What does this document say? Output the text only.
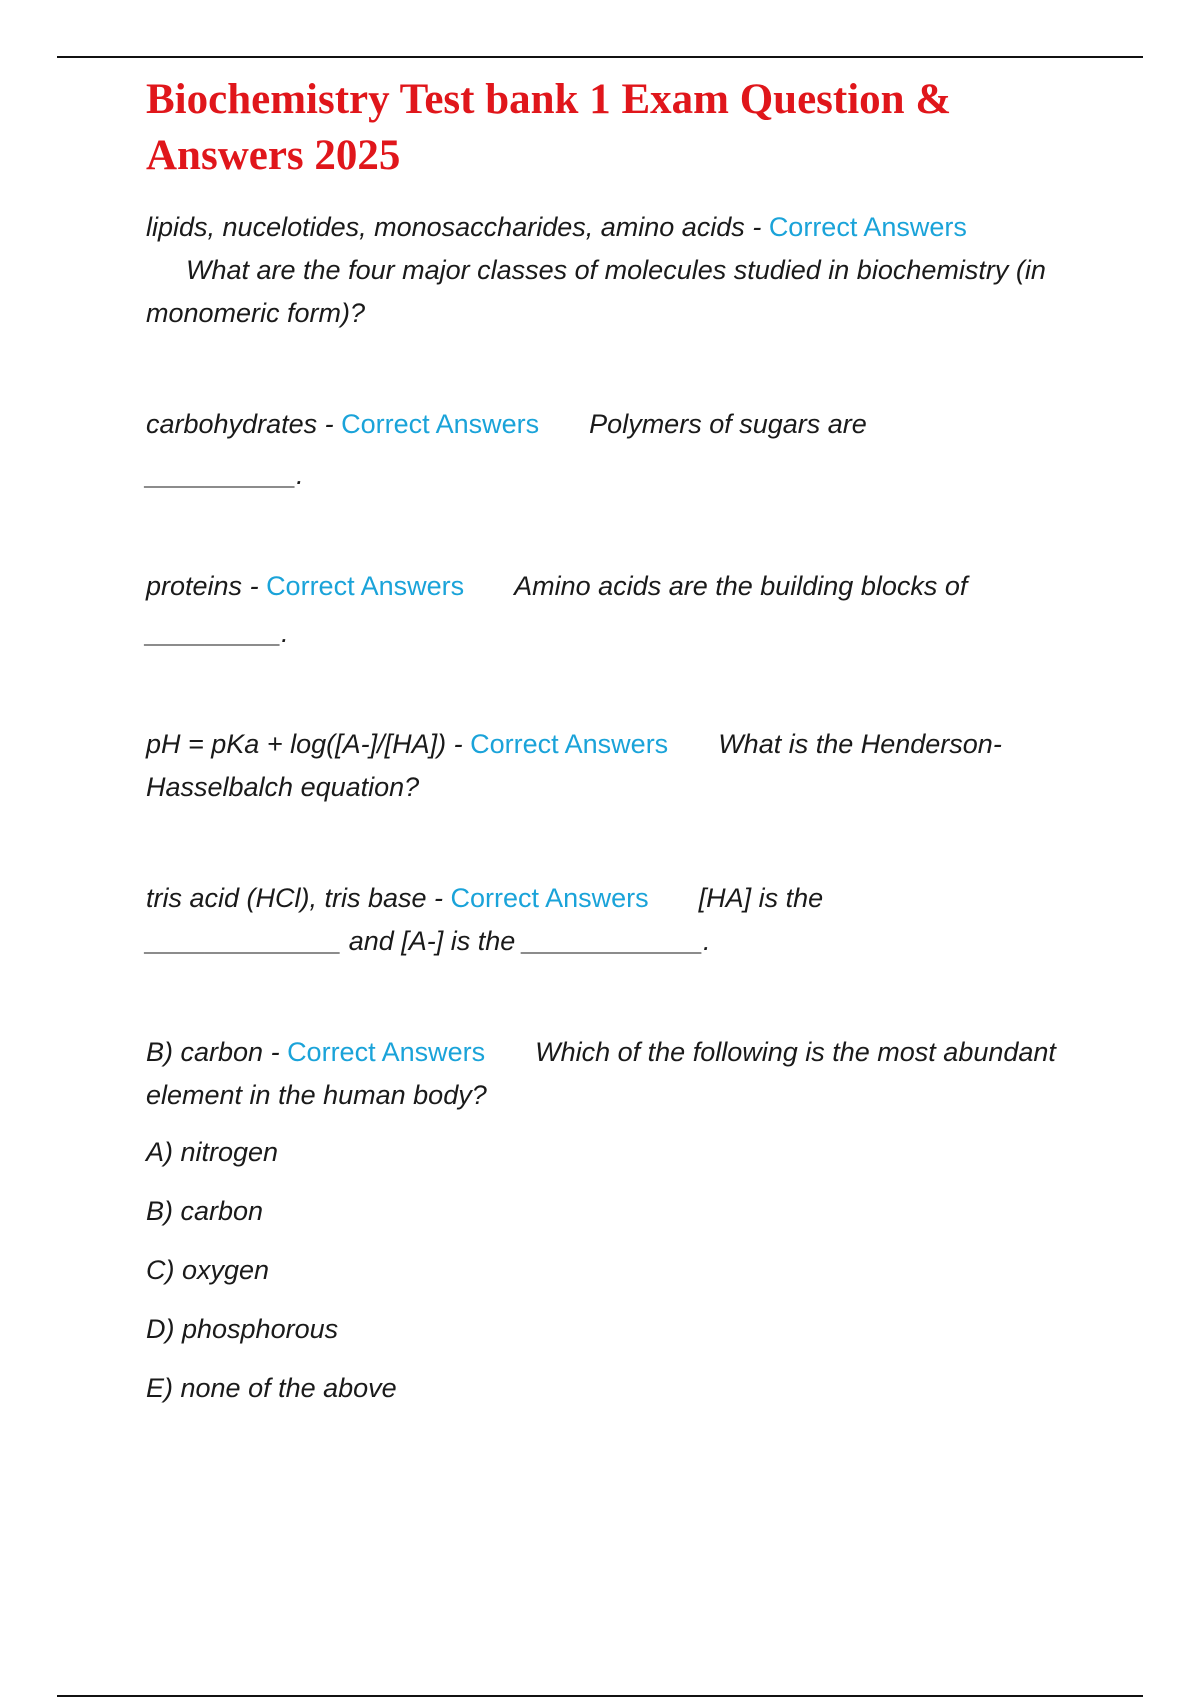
Biochemistry Test bank 1 Exam Question & Answers 2025

lipids, nucelotides, monosaccharides, amino acids - Correct Answers
What are the four major classes of molecules studied in biochemistry (in monomeric form)?

carbohydrates - Correct Answers Polymers of sugars are
__________.

proteins - Correct Answers Amino acids are the building blocks of
_________.

pH = pKa + log([A-]/[HA]) - Correct Answers What is the Henderson-Hasselbalch equation?

tris acid (HCl), tris base - Correct Answers [HA] is the
_____________ and [A-] is the ____________.

B) carbon - Correct Answers Which of the following is the most abundant element in the human body?

A) nitrogen
B) carbon
C) oxygen
D) phosphorous
E) none of the above
